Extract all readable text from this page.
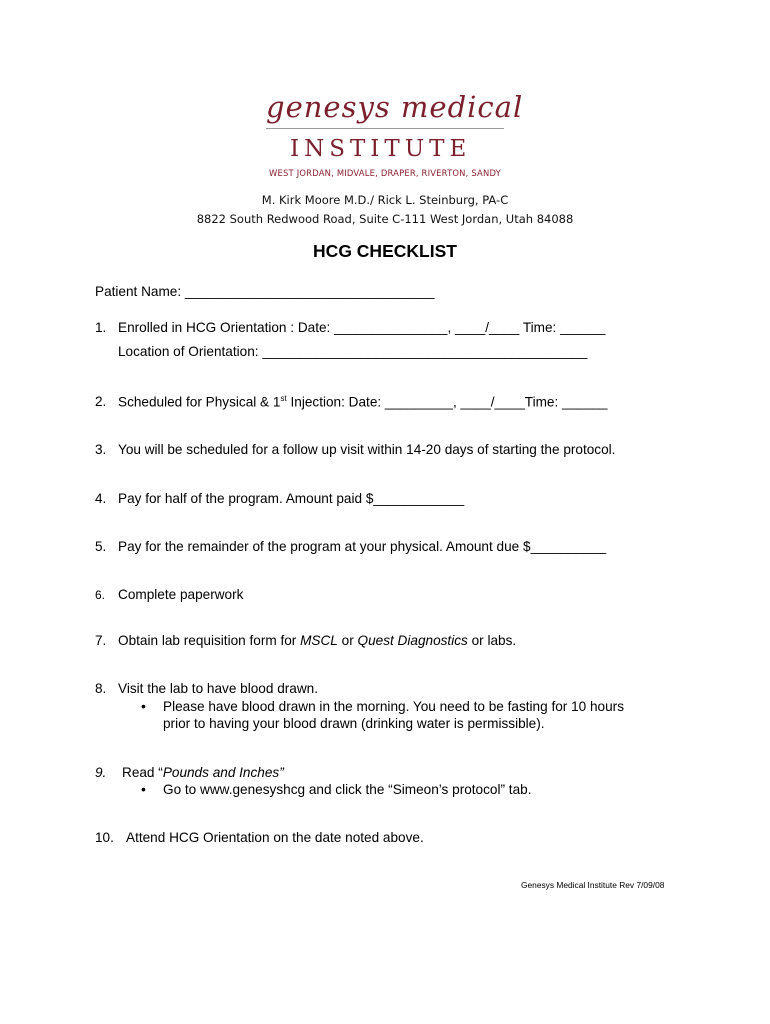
genesys medical
INSTITUTE
WEST JORDAN, MIDVALE, DRAPER, RIVERTON, SANDY
M. Kirk Moore M.D./ Rick L. Steinburg, PA-C
8822 South Redwood Road, Suite C-111 West Jordan, Utah 84088
HCG CHECKLIST
Patient Name: _________________________________
1. Enrolled in HCG Orientation : Date: _______________, ____/____ Time: ______
Location of Orientation: ___________________________________________
2. Scheduled for Physical & 1st Injection: Date: _________, ____/____Time: ______
3. You will be scheduled for a follow up visit within 14-20 days of starting the protocol.
4. Pay for half of the program. Amount paid $____________
5. Pay for the remainder of the program at your physical. Amount due $__________
6. Complete paperwork
7. Obtain lab requisition form for MSCL or Quest Diagnostics or labs.
8. Visit the lab to have blood drawn.
• Please have blood drawn in the morning. You need to be fasting for 10 hours
prior to having your blood drawn (drinking water is permissible).
9. Read “Pounds and Inches”
• Go to www.genesyshcg and click the “Simeon’s protocol” tab.
10. Attend HCG Orientation on the date noted above.
Genesys Medical Institute Rev 7/09/08
